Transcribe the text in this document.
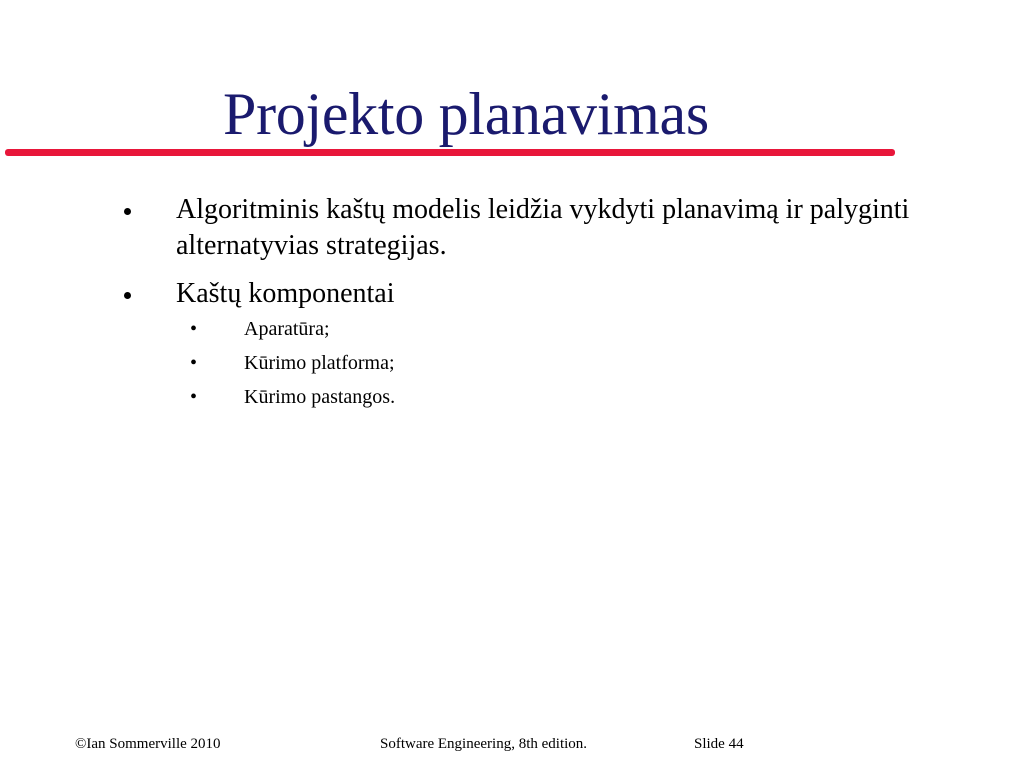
Projekto planavimas
Algoritminis kaštų modelis leidžia vykdyti planavimą ir palyginti alternatyvias strategijas.
Kaštų komponentai
• Aparatūra;
• Kūrimo platforma;
• Kūrimo pastangos.
©Ian Sommerville 2010	Software Engineering, 8th edition.	Slide 44
